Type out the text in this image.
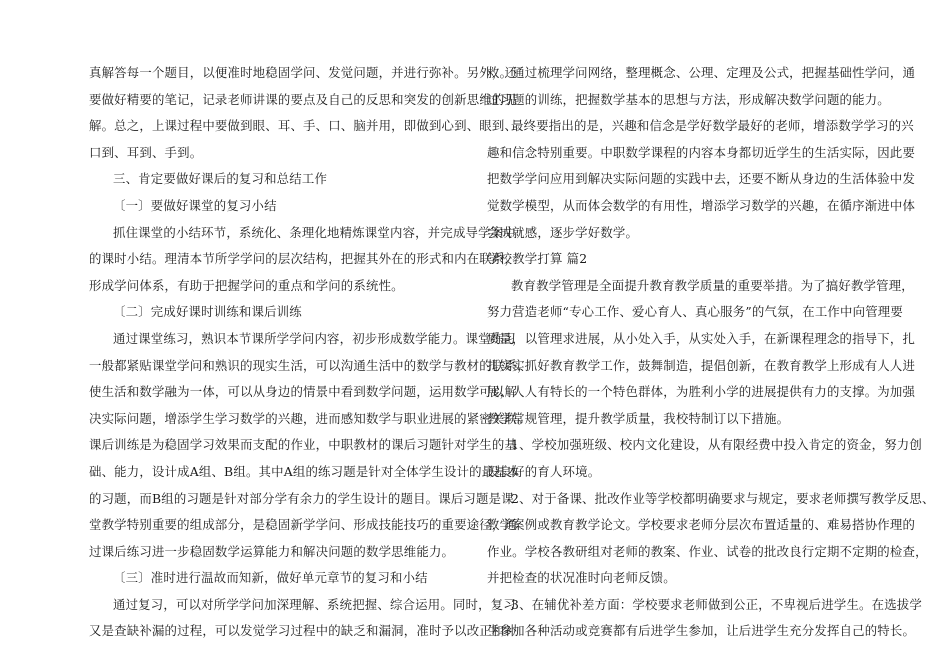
真解答每一个题目，以便准时地稳固学问、发觉问题，并进行弥补。另外，还
要做好精要的笔记，记录老师讲课的要点及自己的反思和突发的创新思维的见
解。总之，上课过程中要做到眼、耳、手、口、脑并用，即做到心到、眼到、
口到、耳到、手到。
三、肯定要做好课后的复习和总结工作
〔一〕要做好课堂的复习小结
抓住课堂的小结环节，系统化、条理化地精炼课堂内容，并完成导学案中
的课时小结。理清本节所学学问的层次结构，把握其外在的形式和内在联系，
形成学问体系，有助于把握学问的重点和学问的系统性。
〔二〕完成好课时训练和课后训练
通过课堂练习，熟识本节课所学学问内容，初步形成数学能力。课堂练习
一般都紧贴课堂学问和熟识的现实生活，可以沟通生活中的数学与教材的联系，
使生活和数学融为一体，可以从身边的情景中看到数学问题，运用数学可以解
决实际问题，增添学生学习数学的兴趣，进而感知数学与职业进展的紧密关联。
课后训练是为稳固学习效果而支配的作业，中职教材的课后习题针对学生的基
础、能力，设计成A组、B组。其中A组的练习题是针对全体学生设计的最基本
的习题，而B组的习题是针对部分学有余力的学生设计的题目。课后习题是课
堂教学特别重要的组成部分，是稳固新学学问、形成技能技巧的重要途径，通
过课后练习进一步稳固数学运算能力和解决问题的数学思维能力。
〔三〕准时进行温故而知新，做好单元章节的复习和小结
通过复习，可以对所学学问加深理解、系统把握、综合运用。同时，复习
又是查缺补漏的过程，可以发觉学习过程中的缺乏和漏洞，准时予以改正和补
救。通过梳理学问网络，整理概念、公理、定理及公式，把握基础性学问，通
过习题的训练，把握数学基本的思想与方法，形成解决数学问题的能力。
最终要指出的是，兴趣和信念是学好数学最好的老师，增添数学学习的兴
趣和信念特别重要。中职数学课程的内容本身都切近学生的生活实际，因此要
把数学学问应用到解决实际问题的实践中去，还要不断从身边的生活体验中发
觉数学模型，从而体会数学的有用性，增添学习数学的兴趣，在循序渐进中体
会成就感，逐步学好数学。
学校教学打算 篇2
教育教学管理是全面提升教育教学质量的重要举措。为了搞好教学管理，
努力营造老师“专心工作、爱心育人、真心服务”的气氛，在工作中向管理要
质量，以管理求进展，从小处入手，从实处入手，在新课程理念的指导下，扎
扎实实抓好教育教学工作，鼓舞制造，提倡创新，在教育教学上形成有人人进
展，人人有特长的一个特色群体，为胜利小学的进展提供有力的支撑。为加强
教学常规管理，提升教学质量，我校特制订以下措施。
1、学校加强班级、校内文化建设，从有限经费中投入肯定的资金，努力创
设良好的育人环境。
2、对于备课、批改作业等学校都明确要求与规定，要求老师撰写教学反思、
教学案例或教育教学论文。学校要求老师分层次布置适量的、难易搭协作理的
作业。学校各教研组对老师的教案、作业、试卷的批改良行定期不定期的检查，
并把检查的状况准时向老师反馈。
3、在辅优补差方面：学校要求老师做到公正，不卑视后进学生。在选拔学
生参加各种活动或竞赛都有后进学生参加，让后进学生充分发挥自己的特长。
